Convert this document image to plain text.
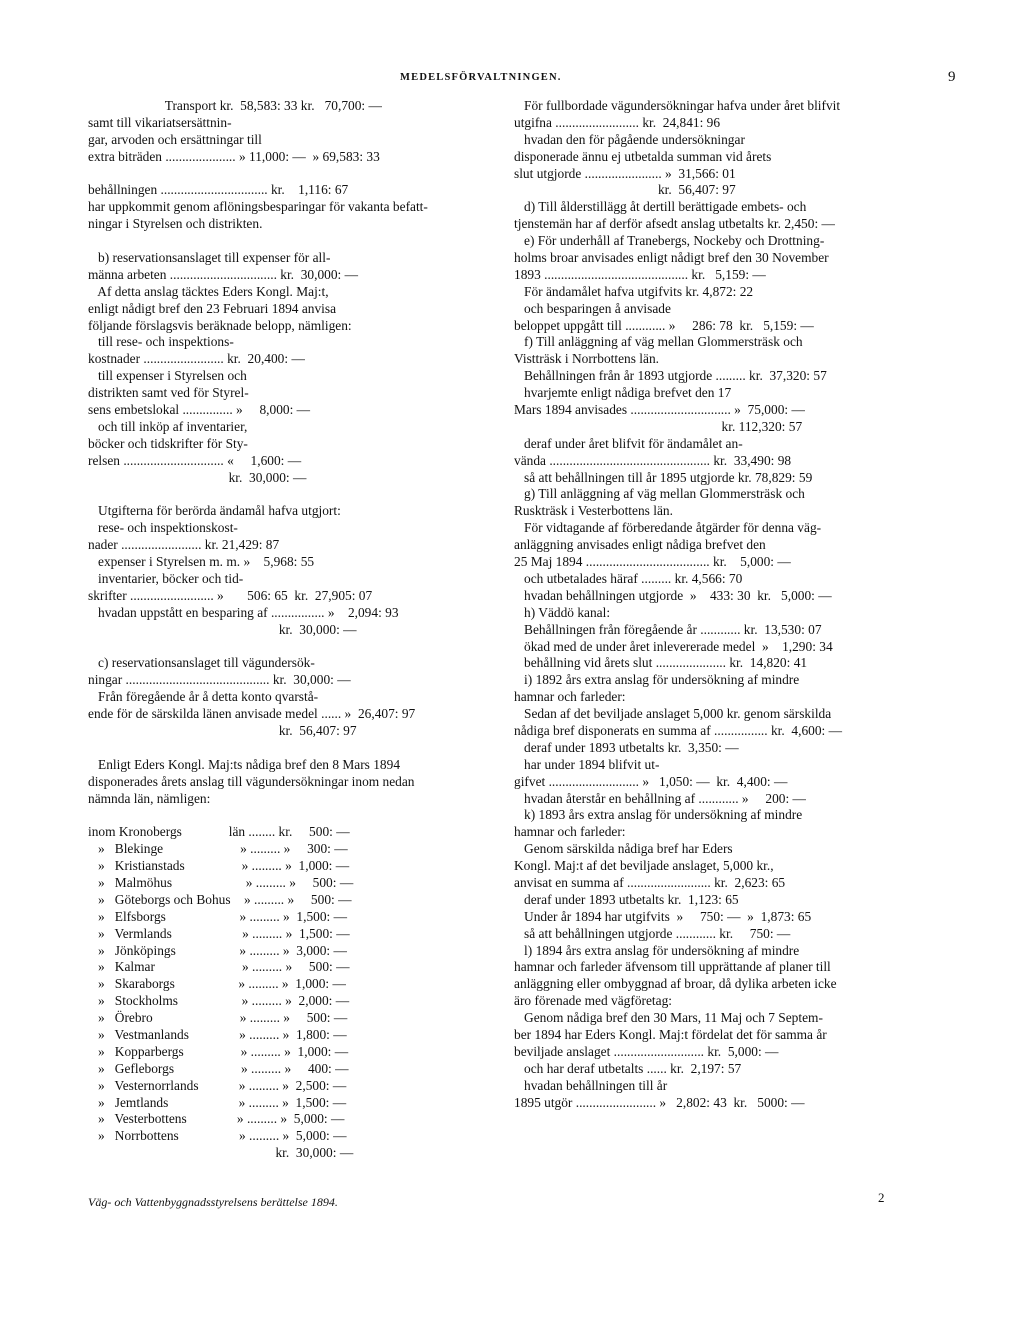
MEDELSFÖRVALTNINGEN.	9
Transport kr.  58,583: 33 kr.   70,700: —
samt till vikariatsersättnin-
gar, arvoden och ersättningar till
extra biträden ..................... » 11,000: —  » 69,583: 33
behållningen ................................ kr.    1,116: 67
har uppkommit genom aflöningsbesparingar för vakanta befatt-
ningar i Styrelsen och distrikten.
b) reservationsanslaget till expenser för all-
männa arbeten ................................ kr.  30,000: —
Af detta anslag täcktes Eders Kongl. Maj:t,
enligt nådigt bref den 23 Februari 1894 anvisa
följande förslagsvis beräknade belopp, nämligen:
till rese- och inspektions-
kostnader ........................ kr.  20,400: —
till expenser i Styrelsen och
distrikten samt ved för Styrel-
sens embetslokal ............... »     8,000: —
och till inköp af inventarier,
böcker och tidskrifter för Sty-
relsen .............................. «     1,600: —
kr.  30,000: —
Utgifterna för berörda ändamål hafva utgjort:
rese- och inspektionskost-
nader ........................ kr. 21,429: 87
expenser i Styrelsen m. m. »    5,968: 55
inventarier, böcker och tid-
skrifter ......................... »       506: 65  kr.  27,905: 07
hvadan uppstått en besparing af ................ »    2,094: 93
kr.  30,000: —
c) reservationsanslaget till vägundersök-
ningar ........................................... kr.  30,000: —
Från föregående år å detta konto qvarstå-
ende för de särskilda länen anvisade medel ...... »  26,407: 97
kr.  56,407: 97
Enligt Eders Kongl. Maj:ts nådiga bref den 8 Mars 1894
disponerades årets anslag till vägundersökningar inom nedan
nämnda län, nämligen:
inom Kronobergs              län ........ kr.     500: —
»   Blekinge                       » ......... »     300: —
»   Kristianstads                 » ......... »  1,000: —
»   Malmöhus                      » ......... »     500: —
»   Göteborgs och Bohus    » ......... »     500: —
»   Elfsborgs                      » ......... »  1,500: —
»   Vermlands                     » ......... »  1,500: —
»   Jönköpings                   » ......... »  3,000: —
»   Kalmar                          » ......... »     500: —
»   Skaraborgs                   » ......... »  1,000: —
»   Stockholms                   » ......... »  2,000: —
»   Örebro                          » ......... »     500: —
»   Vestmanlands               » ......... »  1,800: —
»   Kopparbergs                 » ......... »  1,000: —
»   Gefleborgs                    » ......... »     400: —
»   Vesternorrlands            » ......... »  2,500: —
»   Jemtlands                     » ......... »  1,500: —
»   Vesterbottens               » ......... »  5,000: —
»   Norrbottens                  » ......... »  5,000: —
kr.  30,000: —
För fullbordade vägundersökningar hafva under året blifvit
utgifna ......................... kr.  24,841: 96
hvadan den för pågående undersökningar
disponerade ännu ej utbetalda summan vid årets
slut utgjorde ....................... »  31,566: 01
kr.  56,407: 97
d) Till ålderstillägg åt dertill berättigade embets- och
tjenstemän har af derför afsedt anslag utbetalts kr. 2,450: —
e) För underhåll af Tranebergs, Nockeby och Drottning-
holms broar anvisades enligt nådigt bref den 30 November
1893 ........................................... kr.   5,159: —
För ändamålet hafva utgifvits kr. 4,872: 22
och besparingen å anvisade
beloppet uppgått till ............ »     286: 78  kr.   5,159: —
f) Till anläggning af väg mellan Glommersträsk och
Vistträsk i Norrbottens län.
Behållningen från år 1893 utgjorde ......... kr.  37,320: 57
hvarjemte enligt nådiga brefvet den 17
Mars 1894 anvisades .............................. »  75,000: —
kr. 112,320: 57
deraf under året blifvit för ändamålet an-
vända ................................................ kr.  33,490: 98
så att behållningen till år 1895 utgjorde kr. 78,829: 59
g) Till anläggning af väg mellan Glommersträsk och
Ruskträsk i Vesterbottens län.
För vidtagande af förberedande åtgärder för denna väg-
anläggning anvisades enligt nådiga brefvet den
25 Maj 1894 ..................................... kr.    5,000: —
och utbetalades häraf ......... kr. 4,566: 70
hvadan behållningen utgjorde  »    433: 30  kr.   5,000: —
h) Väddö kanal:
Behållningen från föregående år ............ kr.  13,530: 07
ökad med de under året inlevererade medel  »    1,290: 34
behållning vid årets slut ..................... kr.  14,820: 41
i) 1892 års extra anslag för undersökning af mindre
hamnar och farleder:
Sedan af det beviljade anslaget 5,000 kr. genom särskilda
nådiga bref disponerats en summa af ................ kr.  4,600: —
deraf under 1893 utbetalts kr.  3,350: —
har under 1894 blifvit ut-
gifvet ........................... »   1,050: —  kr.  4,400: —
hvadan återstår en behållning af ............ »     200: —
k) 1893 års extra anslag för undersökning af mindre
hamnar och farleder:
Genom särskilda nådiga bref har Eders
Kongl. Maj:t af det beviljade anslaget, 5,000 kr.,
anvisat en summa af ......................... kr.  2,623: 65
deraf under 1893 utbetalts kr.  1,123: 65
Under år 1894 har utgifvits  »     750: —  »  1,873: 65
så att behållningen utgjorde ............ kr.     750: —
l) 1894 års extra anslag för undersökning af mindre
hamnar och farleder äfvensom till upprättande af planer till
anläggning eller ombyggnad af broar, då dylika arbeten icke
äro förenade med vägföretag:
Genom nådiga bref den 30 Mars, 11 Maj och 7 Septem-
ber 1894 har Eders Kongl. Maj:t fördelat det för samma år
beviljade anslaget ........................... kr.  5,000: —
och har deraf utbetalts ...... kr.  2,197: 57
hvadan behållningen till år
1895 utgör ........................ »   2,802: 43  kr.   5000: —
Väg- och Vattenbyggnadsstyrelsens berättelse 1894.	2
